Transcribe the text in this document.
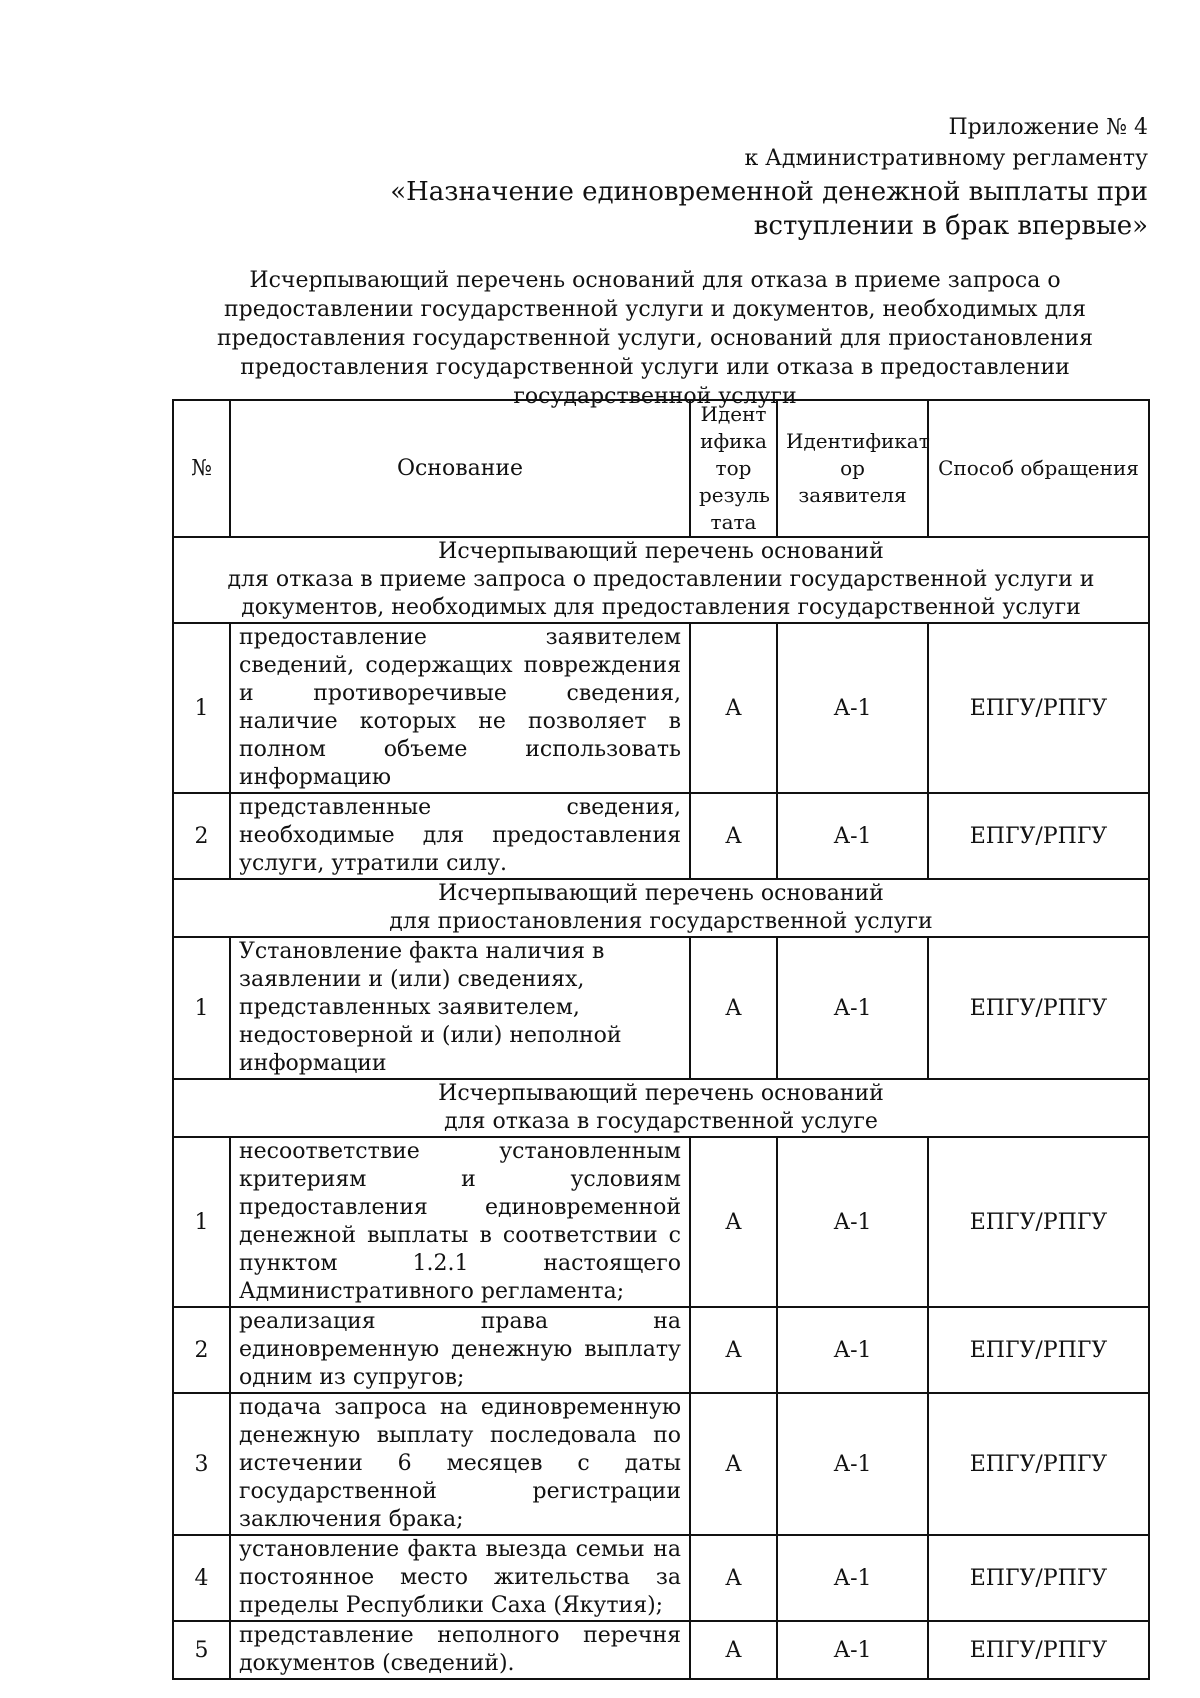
Приложение № 4
к Административному регламенту
«Назначение единовременной денежной выплаты при вступлении в брак впервые»
Исчерпывающий перечень оснований для отказа в приеме запроса о предоставлении государственной услуги и документов, необходимых для предоставления государственной услуги, оснований для приостановления предоставления государственной услуги или отказа в предоставлении государственной услуги
№	Основание	Идент ифика тор резуль тата	Идентификат ор заявителя	Способ обращения
Исчерпывающий перечень оснований
для отказа в приеме запроса о предоставлении государственной услуги и документов, необходимых для предоставления государственной услуги				
1	предоставление заявителем сведений, содержащих повреждения и противоречивые сведения, наличие которых не позволяет в полном объеме использовать информацию	А	А-1	ЕПГУ/РПГУ
2	представленные сведения, необходимые для предоставления услуги, утратили силу.	А	А-1	ЕПГУ/РПГУ
Исчерпывающий перечень оснований
для приостановления государственной услуги				
1	Установление факта наличия в заявлении и (или) сведениях, представленных заявителем, недостоверной и (или) неполной информации	А	А-1	ЕПГУ/РПГУ
Исчерпывающий перечень оснований
для отказа в государственной услуге				
1	несоответствие установленным критериям и условиям предоставления единовременной денежной выплаты в соответствии с пунктом 1.2.1 настоящего Административного регламента;	А	А-1	ЕПГУ/РПГУ
2	реализация права на единовременную денежную выплату одним из супругов;	А	А-1	ЕПГУ/РПГУ
3	подача запроса на единовременную денежную выплату последовала по истечении 6 месяцев с даты государственной регистрации заключения брака;	А	А-1	ЕПГУ/РПГУ
4	установление факта выезда семьи на постоянное место жительства за пределы Республики Саха (Якутия);	А	А-1	ЕПГУ/РПГУ
5	представление неполного перечня документов (сведений).	А	А-1	ЕПГУ/РПГУ
